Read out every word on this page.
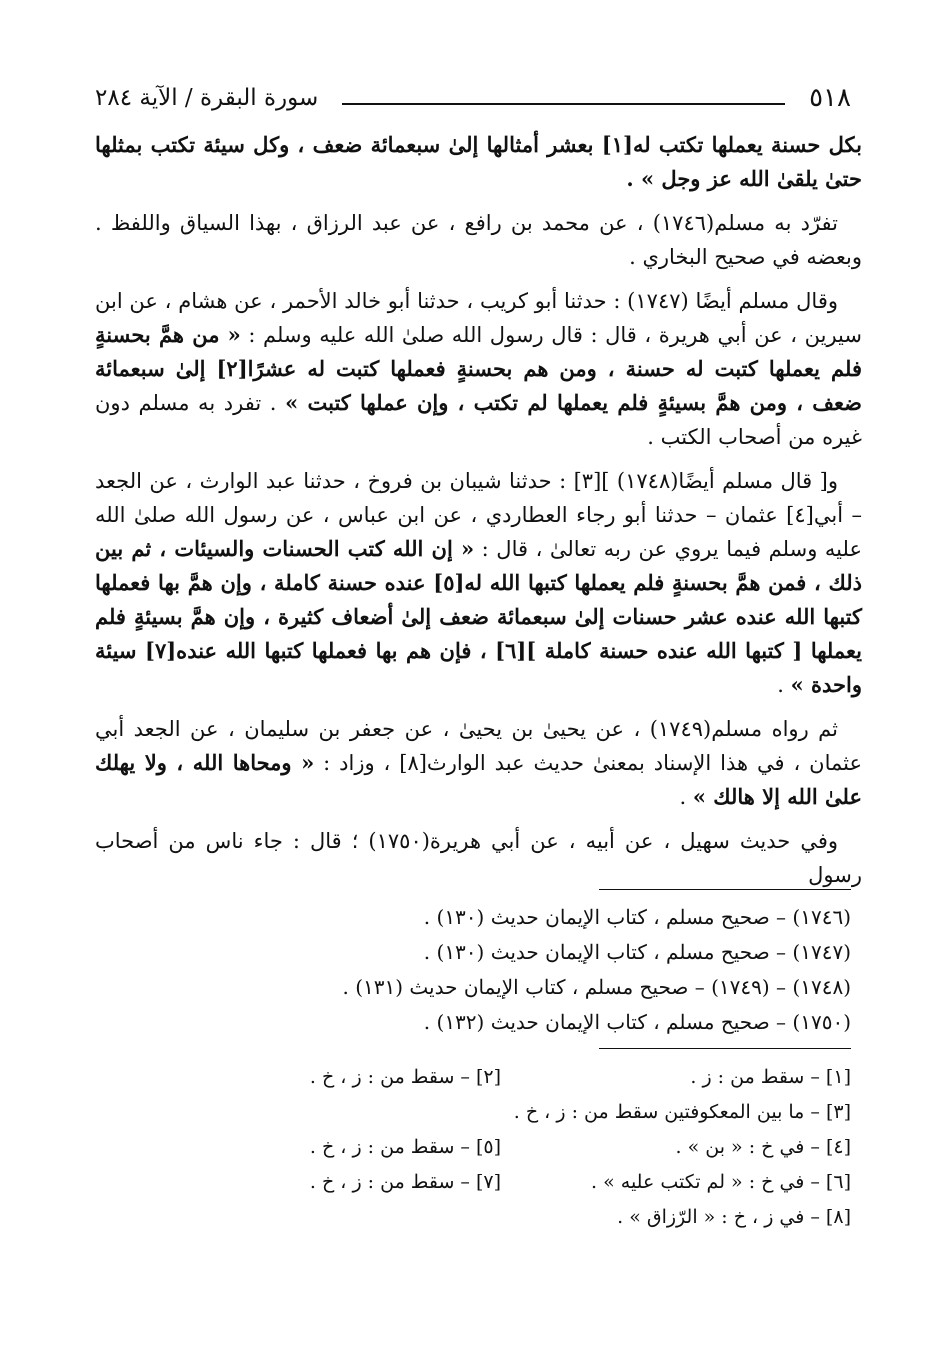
٥١٨
سورة البقرة / الآية ٢٨٤

بكل حسنة يعملها تكتب له[١] بعشر أمثالها إلىٰ سبعمائة ضعف ، وكل سيئة تكتب بمثلها حتىٰ يلقىٰ الله عز وجل » .

تفرّد به مسلم(١٧٤٦) ، عن محمد بن رافع ، عن عبد الرزاق ، بهذا السياق واللفظ . وبعضه في صحيح البخاري .

وقال مسلم أيضًا (١٧٤٧) : حدثنا أبو كريب ، حدثنا أبو خالد الأحمر ، عن هشام ، عن ابن سيرين ، عن أبي هريرة ، قال : قال رسول الله صلىٰ الله عليه وسلم : « من همَّ بحسنةٍ فلم يعملها كتبت له حسنة ، ومن هم بحسنةٍ فعملها كتبت له عشرًا[٢] إلىٰ سبعمائة ضعف ، ومن همَّ بسيئةٍ فلم يعملها لم تكتب ، وإن عملها كتبت » . تفرد به مسلم دون غيره من أصحاب الكتب .

و[ قال مسلم أيضًا(١٧٤٨) ][٣] : حدثنا شيبان بن فروخ ، حدثنا عبد الوارث ، عن الجعد – أبي[٤] عثمان – حدثنا أبو رجاء العطاردي ، عن ابن عباس ، عن رسول الله صلىٰ الله عليه وسلم فيما يروي عن ربه تعالىٰ ، قال : « إن الله كتب الحسنات والسيئات ، ثم بين ذلك ، فمن همَّ بحسنةٍ فلم يعملها كتبها الله له[٥] عنده حسنة كاملة ، وإن همَّ بها فعملها كتبها الله عنده عشر حسنات إلىٰ سبعمائة ضعف إلىٰ أضعاف كثيرة ، وإن همَّ بسيئةٍ فلم يعملها [ كتبها الله عنده حسنة كاملة ][٦] ، فإن هم بها فعملها كتبها الله عنده[٧] سيئة واحدة » .

ثم رواه مسلم(١٧٤٩) ، عن يحيىٰ بن يحيىٰ ، عن جعفر بن سليمان ، عن الجعد أبي عثمان ، في هذا الإسناد بمعنىٰ حديث عبد الوارث[٨] ، وزاد : « ومحاها الله ، ولا يهلك علىٰ الله إلا هالك » .

وفي حديث سهيل ، عن أبيه ، عن أبي هريرة(١٧٥٠) ؛ قال : جاء ناس من أصحاب رسول

(١٧٤٦) – صحيح مسلم ، كتاب الإيمان حديث (١٣٠) .
(١٧٤٧) – صحيح مسلم ، كتاب الإيمان حديث (١٣٠) .
(١٧٤٨) – (١٧٤٩) – صحيح مسلم ، كتاب الإيمان حديث (١٣١) .
(١٧٥٠) – صحيح مسلم ، كتاب الإيمان حديث (١٣٢) .
[١] – سقط من : ز .
[٢] – سقط من : ز ، خ .
[٣] – ما بين المعكوفتين سقط من : ز ، خ .
[٤] – في خ : « بن » .
[٥] – سقط من : ز ، خ .
[٦] – في خ : « لم تكتب عليه » .
[٧] – سقط من : ز ، خ .
[٨] – في ز ، خ : « الرّزاق » .
